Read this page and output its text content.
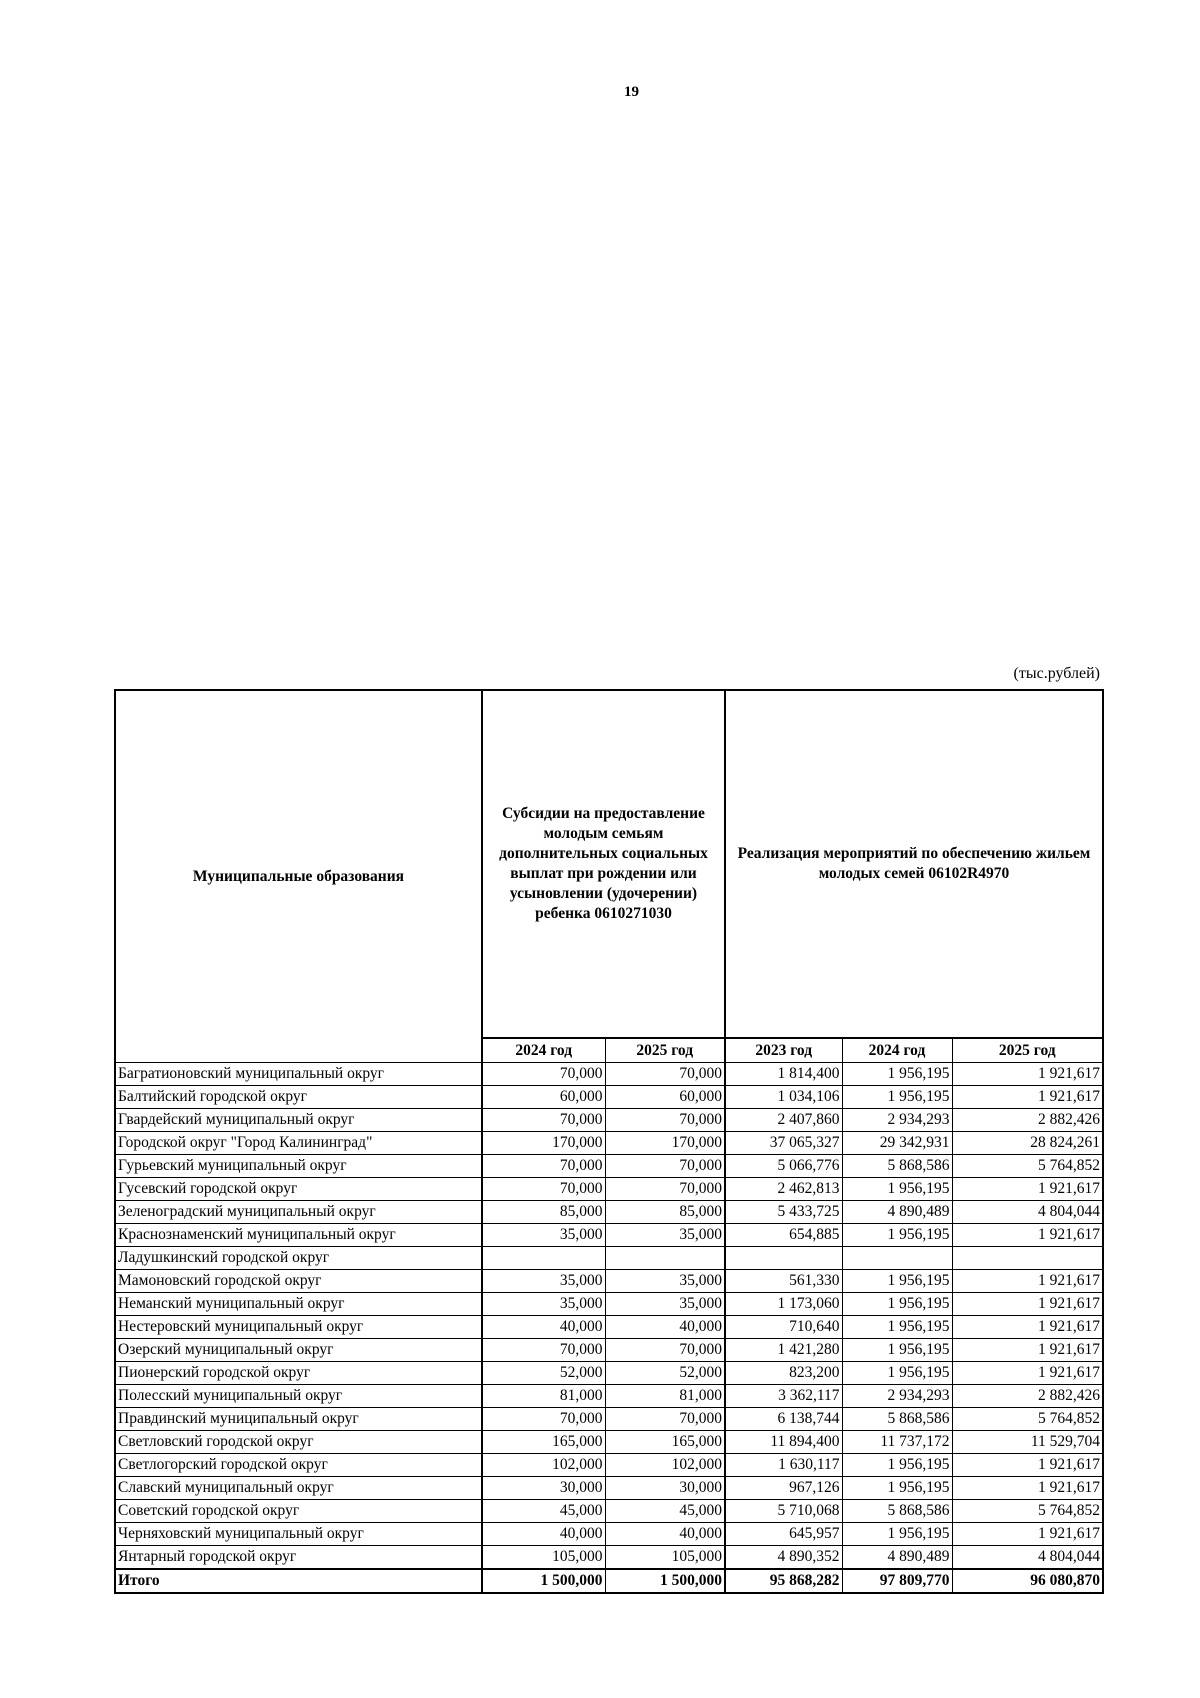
19
(тыс.рублей)
Муниципальные образования	Субсидии на предоставление молодым семьям дополнительных социальных выплат при рождении или усыновлении (удочерении) ребенка 0610271030		Реализация мероприятий по обеспечению жильем молодых семей 06102R4970		
	2024 год	2025 год	2023 год	2024 год	2025 год
Багратионовский муниципальный округ	70,000	70,000	1 814,400	1 956,195	1 921,617
Балтийский городской округ	60,000	60,000	1 034,106	1 956,195	1 921,617
Гвардейский муниципальный округ	70,000	70,000	2 407,860	2 934,293	2 882,426
Городской округ "Город Калининград"	170,000	170,000	37 065,327	29 342,931	28 824,261
Гурьевский муниципальный округ	70,000	70,000	5 066,776	5 868,586	5 764,852
Гусевский городской округ	70,000	70,000	2 462,813	1 956,195	1 921,617
Зеленоградский муниципальный округ	85,000	85,000	5 433,725	4 890,489	4 804,044
Краснознаменский муниципальный округ	35,000	35,000	654,885	1 956,195	1 921,617
Ладушкинский городской округ					
Мамоновский городской округ	35,000	35,000	561,330	1 956,195	1 921,617
Неманский муниципальный округ	35,000	35,000	1 173,060	1 956,195	1 921,617
Нестеровский муниципальный округ	40,000	40,000	710,640	1 956,195	1 921,617
Озерский муниципальный округ	70,000	70,000	1 421,280	1 956,195	1 921,617
Пионерский городской округ	52,000	52,000	823,200	1 956,195	1 921,617
Полесский муниципальный округ	81,000	81,000	3 362,117	2 934,293	2 882,426
Правдинский муниципальный округ	70,000	70,000	6 138,744	5 868,586	5 764,852
Светловский городской округ	165,000	165,000	11 894,400	11 737,172	11 529,704
Светлогорский городской округ	102,000	102,000	1 630,117	1 956,195	1 921,617
Славский муниципальный округ	30,000	30,000	967,126	1 956,195	1 921,617
Советский городской округ	45,000	45,000	5 710,068	5 868,586	5 764,852
Черняховский муниципальный округ	40,000	40,000	645,957	1 956,195	1 921,617
Янтарный городской округ	105,000	105,000	4 890,352	4 890,489	4 804,044
Итого	1 500,000	1 500,000	95 868,282	97 809,770	96 080,870
